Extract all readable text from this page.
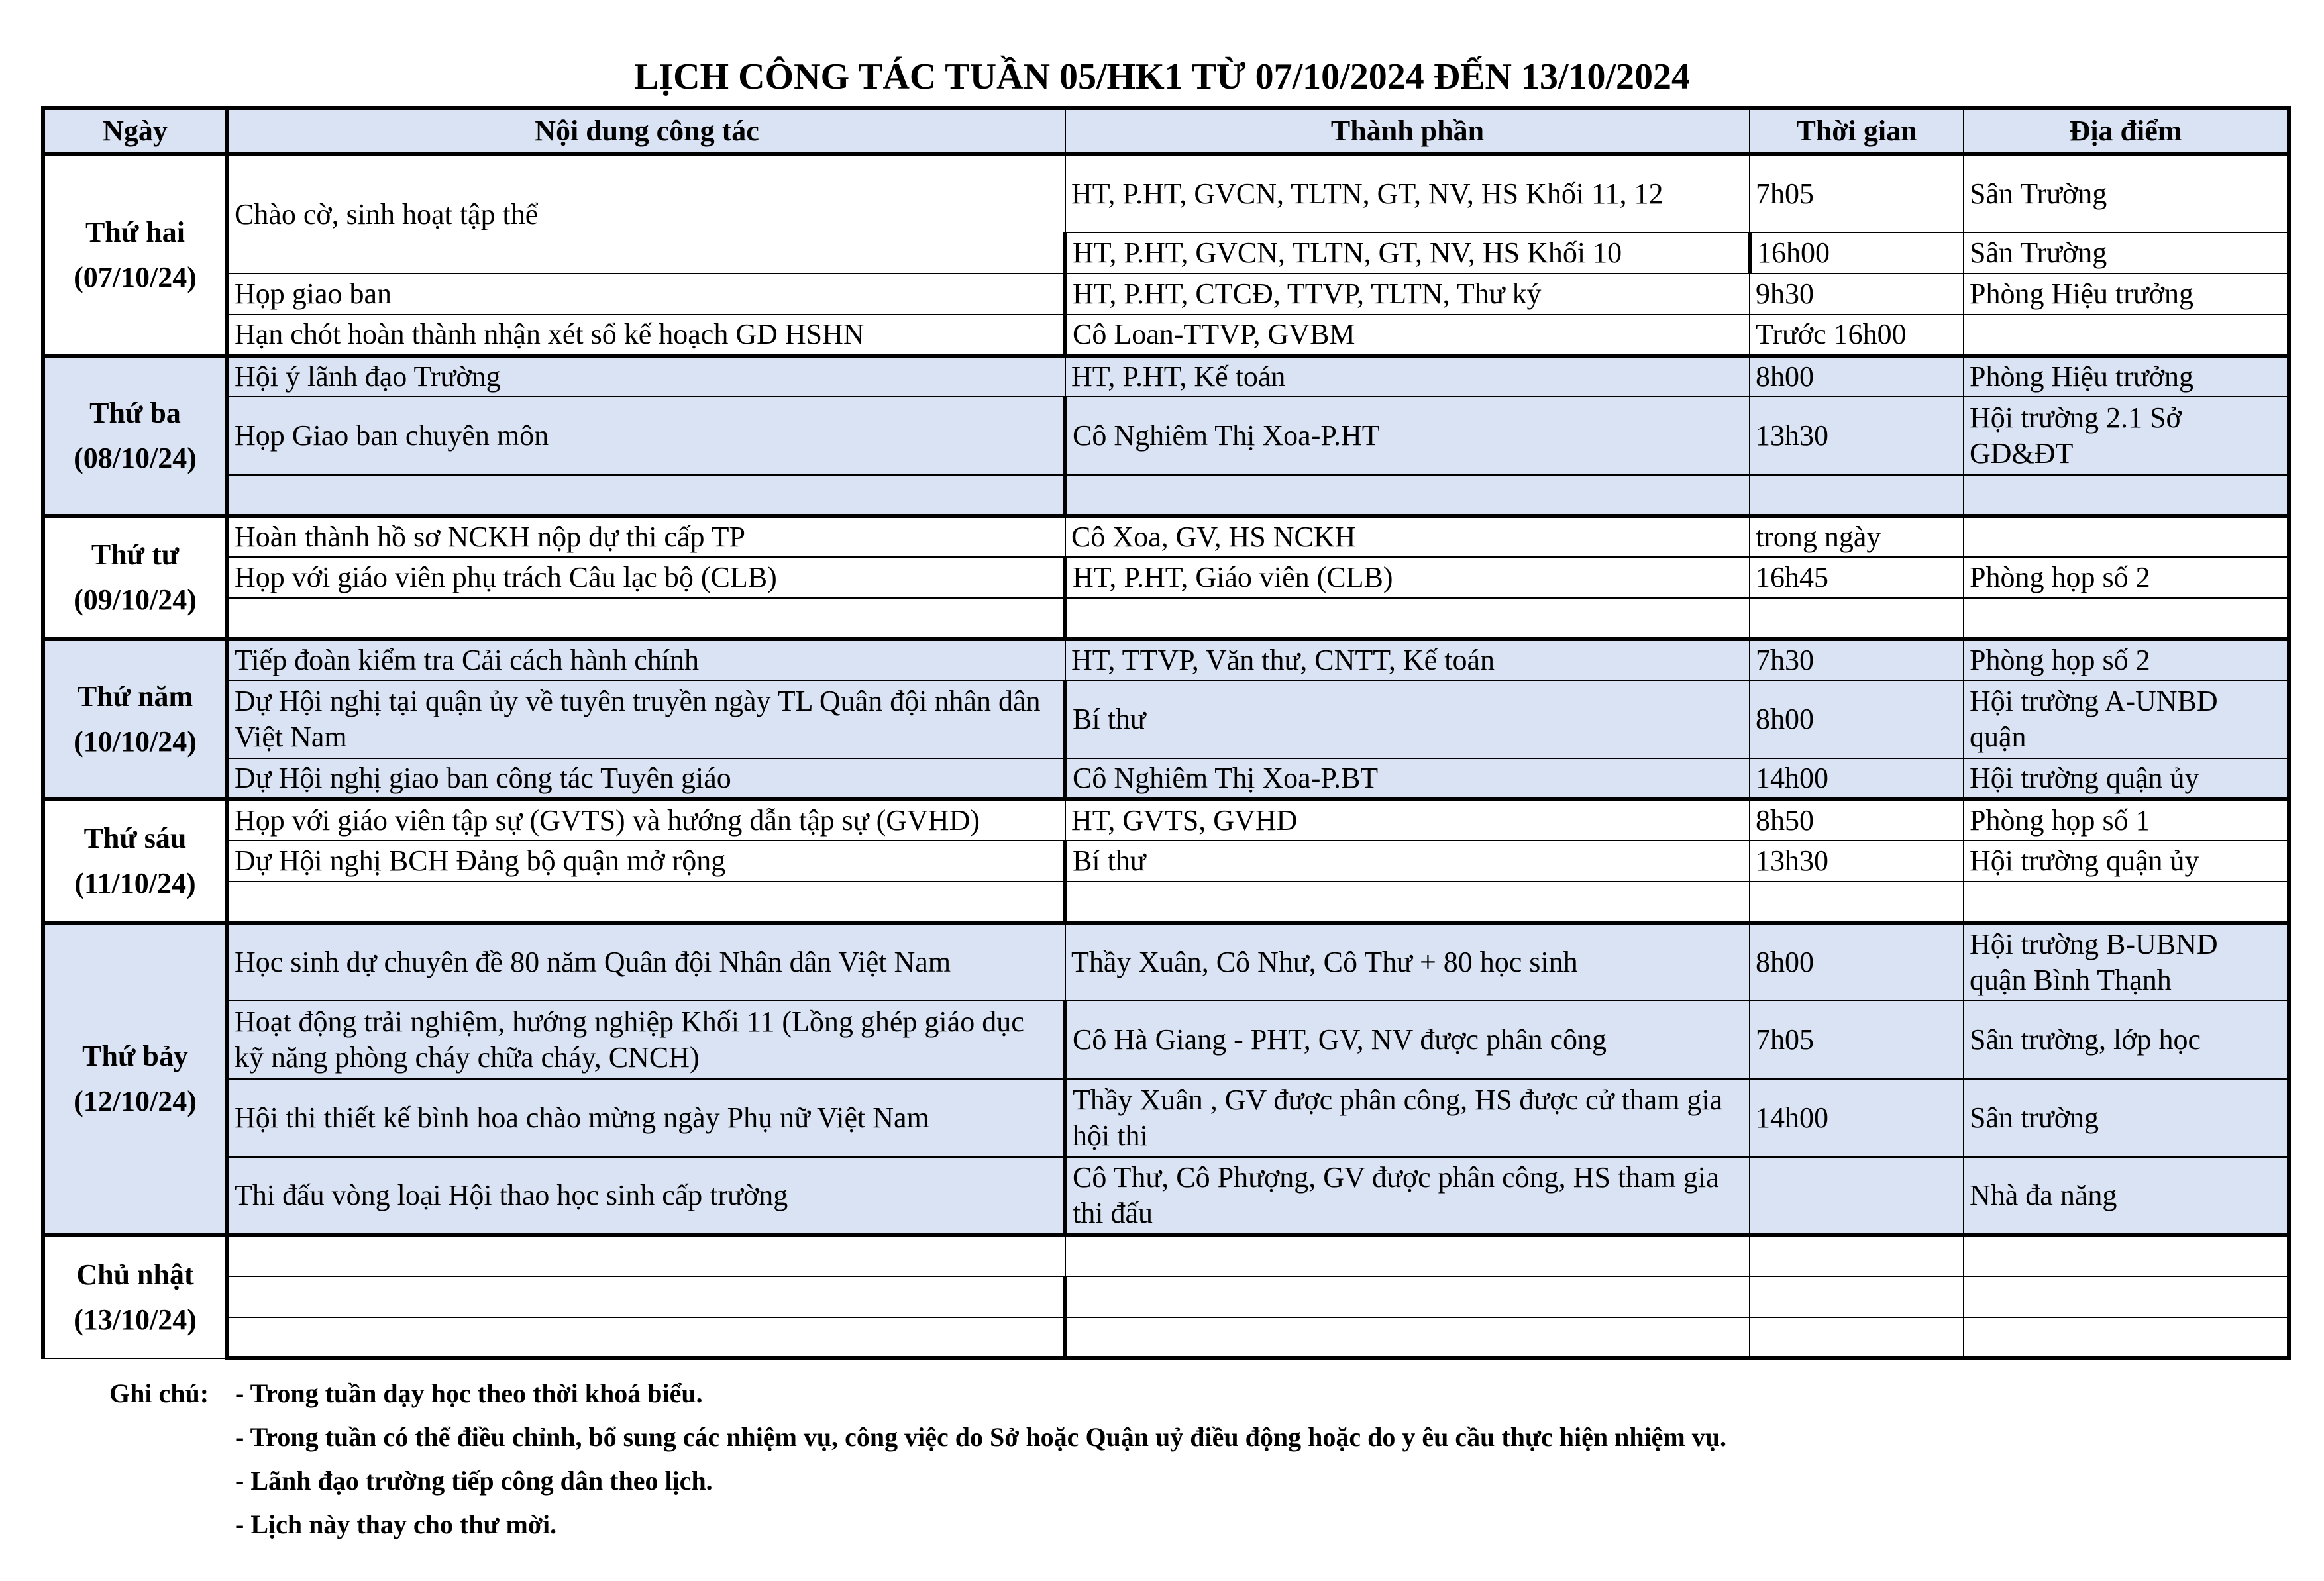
LỊCH CÔNG TÁC TUẦN 05/HK1 TỪ 07/10/2024 ĐẾN 13/10/2024
Ngày	Nội dung công tác	Thành phần	Thời gian	Địa điểm

Thứ hai
(07/10/24)	Chào cờ, sinh hoạt tập thể	HT, P.HT, GVCN, TLTN, GT, NV, HS Khối 11, 12	7h05	Sân Trường
		HT, P.HT, GVCN, TLTN, GT, NV, HS Khối 10	16h00	Sân Trường
	Họp giao ban	HT, P.HT, CTCĐ, TTVP, TLTN, Thư ký	9h30	Phòng Hiệu trưởng
	Hạn chót hoàn thành nhận xét sổ kế hoạch GD HSHN	Cô Loan-TTVP, GVBM	Trước 16h00	

Thứ ba
(08/10/24)	Hội ý lãnh đạo Trường	HT, P.HT, Kế toán	8h00	Phòng Hiệu trưởng
	Họp Giao ban chuyên môn	Cô Nghiêm Thị Xoa-P.HT	13h30	Hội trường 2.1 Sở GD&ĐT

Thứ tư
(09/10/24)	Hoàn thành hồ sơ NCKH nộp dự thi cấp TP	Cô Xoa, GV, HS NCKH	trong ngày	
	Họp với giáo viên phụ trách Câu lạc bộ (CLB)	HT, P.HT, Giáo viên (CLB)	16h45	Phòng họp số 2

Thứ năm
(10/10/24)	Tiếp đoàn kiểm tra Cải cách hành chính	HT, TTVP, Văn thư, CNTT, Kế toán	7h30	Phòng họp số 2
	Dự Hội nghị tại quận ủy về tuyên truyền ngày TL Quân đội nhân dân Việt Nam	Bí thư	8h00	Hội trường A-UNBD quận
	Dự Hội nghị giao ban công tác Tuyên giáo	Cô Nghiêm Thị Xoa-P.BT	14h00	Hội trường quận ủy

Thứ sáu
(11/10/24)	Họp với giáo viên tập sự (GVTS) và hướng dẫn tập sự (GVHD)	HT, GVTS, GVHD	8h50	Phòng họp số 1
	Dự Hội nghị BCH Đảng bộ quận mở rộng	Bí thư	13h30	Hội trường quận ủy

Thứ bảy
(12/10/24)	Học sinh dự chuyên đề 80 năm Quân đội Nhân dân Việt Nam	Thầy Xuân, Cô Như, Cô Thư + 80 học sinh	8h00	Hội trường B-UBND quận Bình Thạnh
	Hoạt động trải nghiệm, hướng nghiệp Khối 11 (Lồng ghép giáo dục kỹ năng phòng cháy chữa cháy, CNCH)	Cô Hà Giang - PHT, GV, NV được phân công	7h05	Sân trường, lớp học
	Hội thi thiết kế bình hoa chào mừng ngày Phụ nữ Việt Nam	Thầy Xuân , GV được phân công, HS được cử tham gia hội thi	14h00	Sân trường
	Thi đấu vòng loại Hội thao học sinh cấp trường	Cô Thư, Cô Phượng, GV được phân công, HS tham gia thi đấu		Nhà đa năng

Chủ nhật
(13/10/24)				

Ghi chú: - Trong tuần dạy học theo thời khoá biểu.
- Trong tuần có thể điều chỉnh, bổ sung các nhiệm vụ, công việc do Sở hoặc Quận uỷ điều động hoặc do y êu cầu thực hiện nhiệm vụ.
- Lãnh đạo trường tiếp công dân theo lịch.
- Lịch này thay cho thư mời.
